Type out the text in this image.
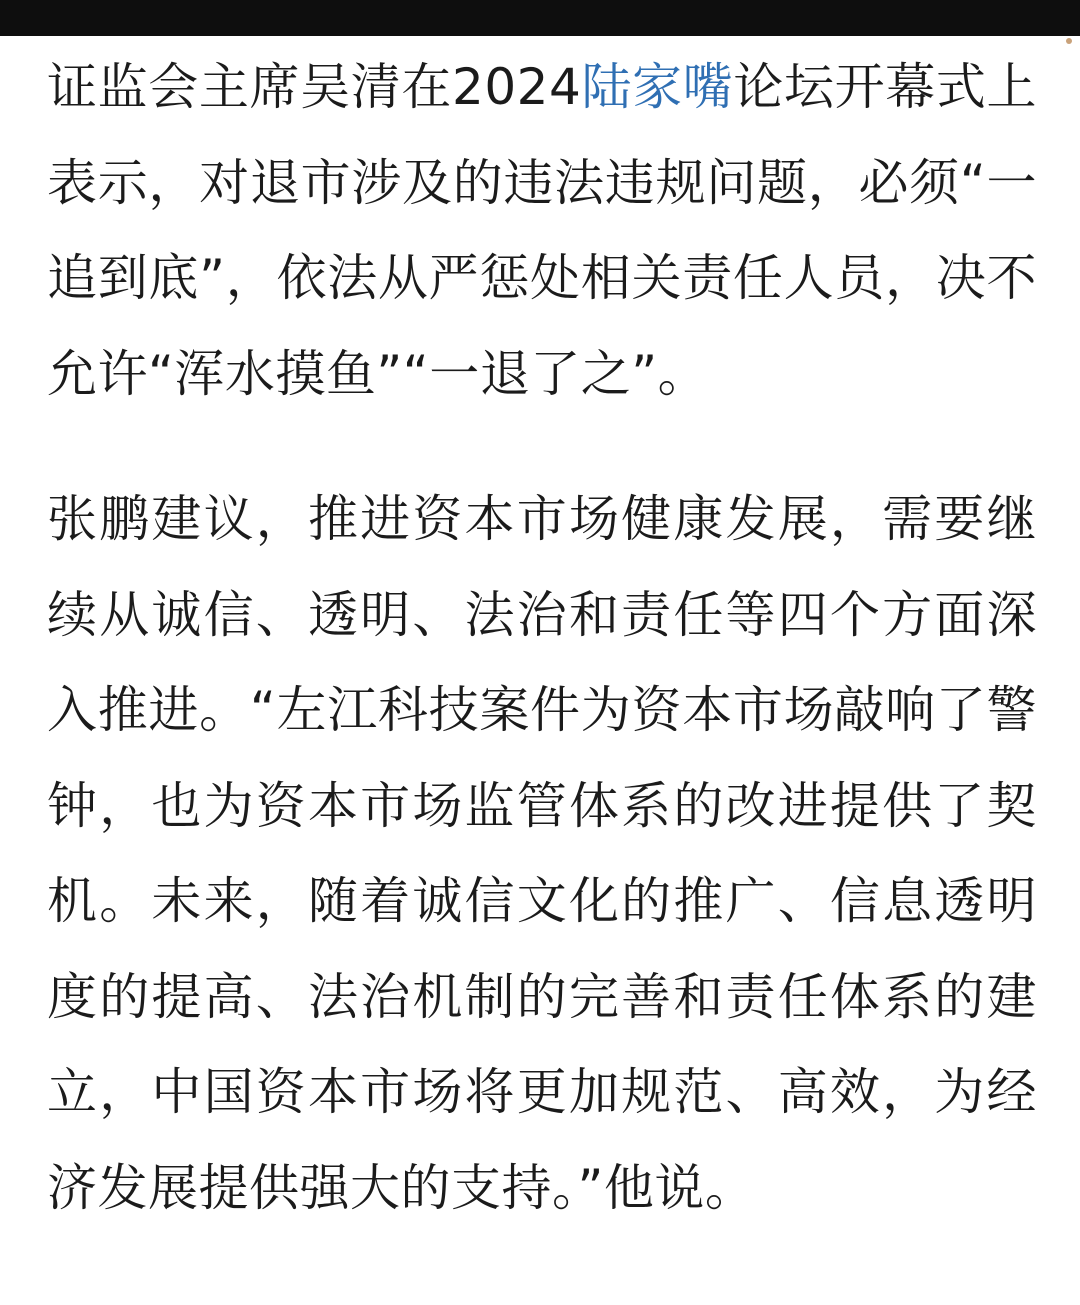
证监会主席吴清在2024陆家嘴论坛开幕式上表示，对退市涉及的违法违规问题，必须“一追到底”，依法从严惩处相关责任人员，决不允许“浑水摸鱼”“一退了之”。

张鹏建议，推进资本市场健康发展，需要继续从诚信、透明、法治和责任等四个方面深入推进。“左江科技案件为资本市场敲响了警钟，也为资本市场监管体系的改进提供了契机。未来，随着诚信文化的推广、信息透明度的提高、法治机制的完善和责任体系的建立，中国资本市场将更加规范、高效，为经济发展提供强大的支持。”他说。
